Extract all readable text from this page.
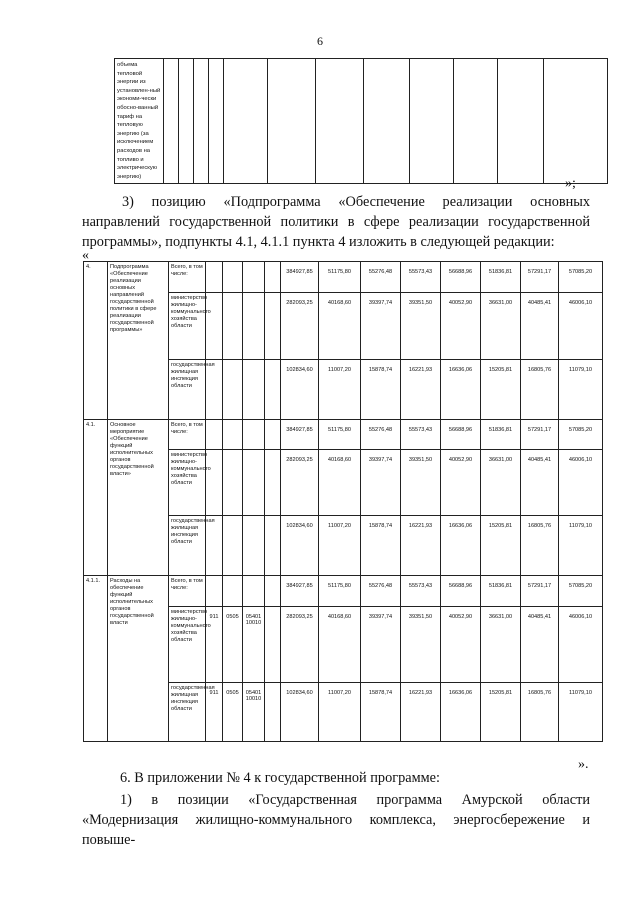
6
объема тепловой энергии из установлен-ный экономи-чески обосно-ванный тариф на тепловую энергию (за исключением расходов на топливо и электрическую энергию)													»;
3) позицию «Подпрограмма «Обеспечение реализации основных направлений государственной политики в сфере реализации государственной программы», подпункты 4.1, 4.1.1 пункта 4 изложить в следующей редакции:
«
4.	Подпрограмма «Обеспечение реализации основных направлений государственной политики в сфере реализации государственной программы»	Всего, в том числе:					384927,85	51175,80	55276,48	55573,43	56688,96	51836,81	57291,17	57085,20
		министерство жилищно-коммунального хозяйства области					282093,25	40168,60	39397,74	39351,50	40052,90	36631,00	40485,41	46006,10
		государственная жилищная инспекция области					102834,60	11007,20	15878,74	16221,93	16636,06	15205,81	16805,76	11079,10
4.1.	Основное мероприятие «Обеспечение функций исполнительных органов государственной власти»	Всего, в том числе:					384927,85	51175,80	55276,48	55573,43	56688,96	51836,81	57291,17	57085,20
		министерство жилищно-коммунального хозяйства области					282093,25	40168,60	39397,74	39351,50	40052,90	36631,00	40485,41	46006,10
		государственная жилищная инспекция области					102834,60	11007,20	15878,74	16221,93	16636,06	15205,81	16805,76	11079,10
4.1.1.	Расходы на обеспечение функций исполнительных органов государственной власти	Всего, в том числе:					384927,85	51175,80	55276,48	55573,43	56688,96	51836,81	57291,17	57085,20
		министерство жилищно-коммунального хозяйства области	911	0505	05401 10010		282093,25	40168,60	39397,74	39351,50	40052,90	36631,00	40485,41	46006,10
		государственная жилищная инспекция области	911	0505	05401 10010		102834,60	11007,20	15878,74	16221,93	16636,06	15205,81	16805,76	11079,10
».
6. В приложении № 4 к государственной программе:
1) в позиции «Государственная программа Амурской области «Модернизация жилищно-коммунального комплекса, энергосбережение и повыше-
